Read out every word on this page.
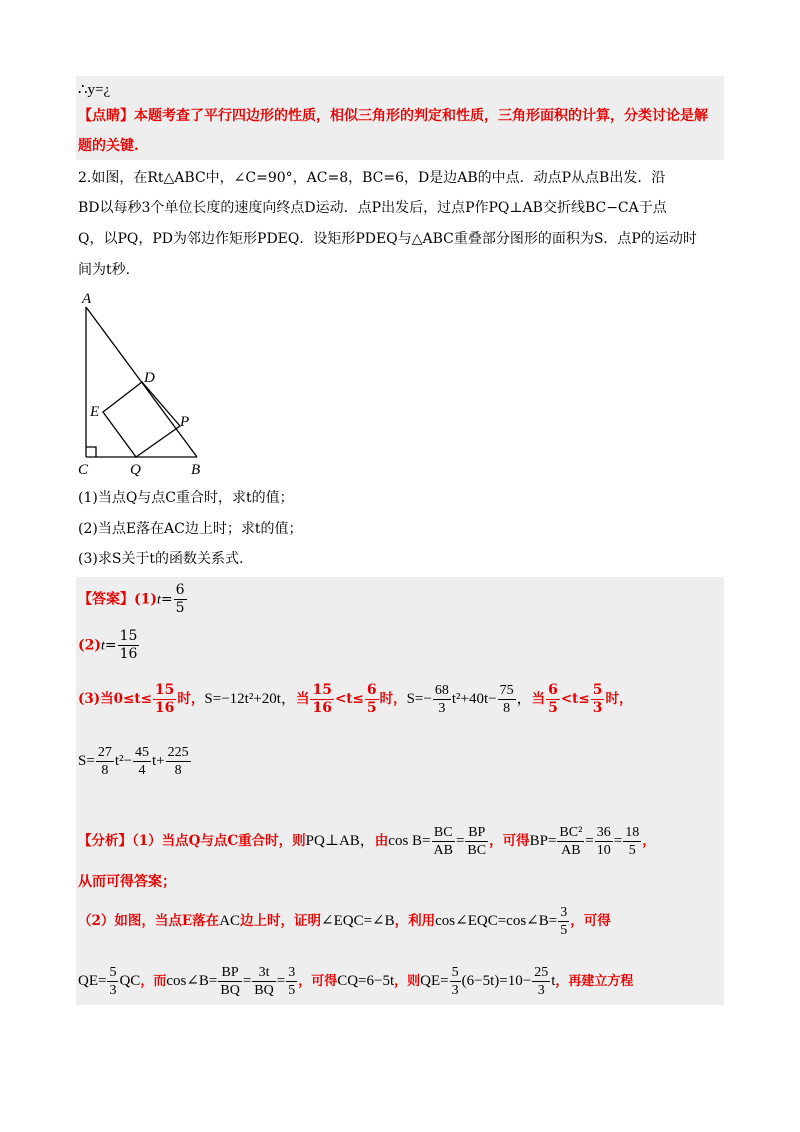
∴y=¿
【点睛】本题考查了平行四边形的性质，相似三角形的判定和性质，三角形面积的计算，分类讨论是解
题的关键.
2.如图，在Rt△ABC中，∠C=90°，AC=8，BC=6，D是边AB的中点．动点P从点B出发．沿
BD以每秒3个单位长度的速度向终点D运动．点P出发后，过点P作PQ⊥AB交折线BC−CA于点
Q，以PQ，PD为邻边作矩形PDEQ．设矩形PDEQ与△ABC重叠部分图形的面积为S．点P的运动时
间为t秒.
A
D
E
P
C	Q	B
(1)当点Q与点C重合时，求t的值；
(2)当点E落在AC边上时；求t的值；
(3)求S关于t的函数关系式.
【答案】$(1)t= \frac{6}{5}$
$(2)t= \frac{15}{16}$
(3)当$0\le t\le \frac{15}{16}$ 时，S=−12t²+20t，当 $\frac{15}{16} <t\le \frac{6}{5}$ 时，$S=- \frac{68}{3} t^2+40t- \frac{75}{8}$ ，当 $\frac{6}{5} <t\le \frac{5}{3}$ 时，
$S= \frac{27}{8} t^2- \frac{45}{4} t+ \frac{225}{8}$
【分析】（1）当点Q与点C重合时，则PQ⊥AB，由$\cos B= \frac{BC}{AB} = \frac{BP}{BC}$ ，可得$BP= \frac{\text{BC²}}{AB} = \frac{36}{10} = \frac{18}{5}$ ，
从而可得答案；
（2）如图，当点E落在AC边上时，证明∠EQC=∠B，利用cos∠EQC=cos∠B= $\frac{3}{5}$ ，可得
$QE= \frac{5}{3}$ QC，而cos∠B= $\frac{BP}{BQ} = \frac{3t}{BQ} = \frac{3}{5}$ ，可得CQ=6−5t，则$QE= \frac{5}{3} (6-5t)=10- \frac{25}{3}$ t，再建立方程
